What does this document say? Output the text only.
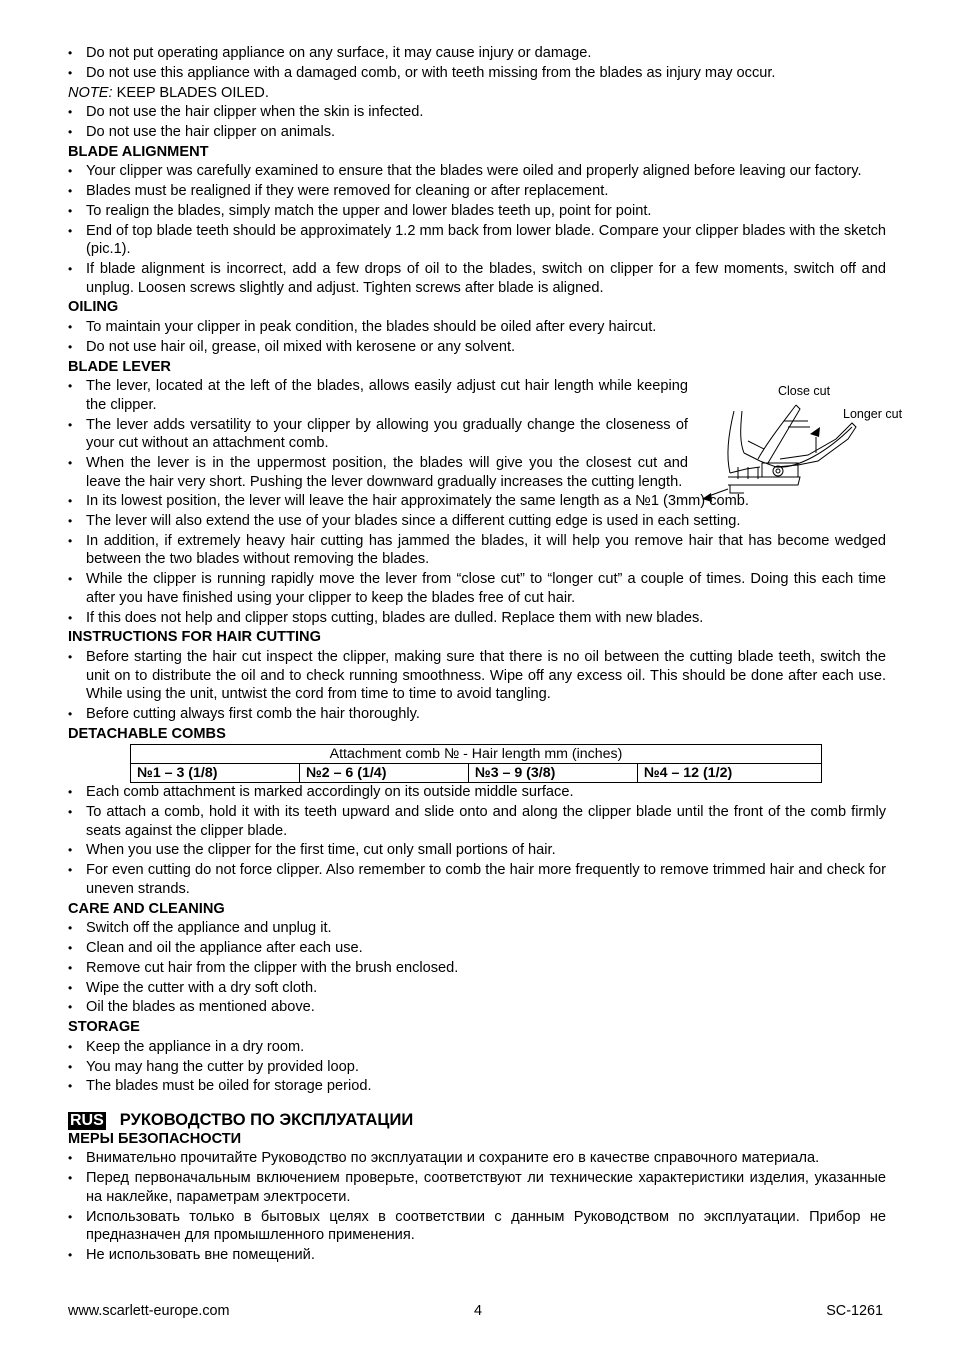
• Do not put operating appliance on any surface, it may cause injury or damage.
• Do not use this appliance with a damaged comb, or with teeth missing from the blades as injury may occur.
NOTE: KEEP BLADES OILED.
• Do not use the hair clipper when the skin is infected.
• Do not use the hair clipper on animals.
BLADE ALIGNMENT
• Your clipper was carefully examined to ensure that the blades were oiled and properly aligned before leaving our factory.
• Blades must be realigned if they were removed for cleaning or after replacement.
• To realign the blades, simply match the upper and lower blades teeth up, point for point.
• End of top blade teeth should be approximately 1.2 mm back from lower blade. Compare your clipper blades with the sketch (pic.1).
• If blade alignment is incorrect, add a few drops of oil to the blades, switch on clipper for a few moments, switch off and unplug. Loosen screws slightly and adjust. Tighten screws after blade is aligned.
OILING
• To maintain your clipper in peak condition, the blades should be oiled after every haircut.
• Do not use hair oil, grease, oil mixed with kerosene or any solvent.
BLADE LEVER
Close cut
Longer cut
• The lever, located at the left of the blades, allows easily adjust cut hair length while keeping the clipper.
• The lever adds versatility to your clipper by allowing you gradually change the closeness of your cut without an attachment comb.
• When the lever is in the uppermost position, the blades will give you the closest cut and leave the hair very short. Pushing the lever downward gradually increases the cutting length.
• In its lowest position, the lever will leave the hair approximately the same length as a №1 (3mm) comb.
• The lever will also extend the use of your blades since a different cutting edge is used in each setting.
• In addition, if extremely heavy hair cutting has jammed the blades, it will help you remove hair that has become wedged between the two blades without removing the blades.
• While the clipper is running rapidly move the lever from “close cut” to “longer cut” a couple of times. Doing this each time after you have finished using your clipper to keep the blades free of cut hair.
• If this does not help and clipper stops cutting, blades are dulled. Replace them with new blades.
INSTRUCTIONS FOR HAIR CUTTING
• Before starting the hair cut inspect the clipper, making sure that there is no oil between the cutting blade teeth, switch the unit on to distribute the oil and to check running smoothness. Wipe off any excess oil. This should be done after each use. While using the unit, untwist the cord from time to time to avoid tangling.
• Before cutting always first comb the hair thoroughly.
DETACHABLE COMBS
Attachment comb № - Hair length mm (inches)
№1 – 3 (1/8)	№2 – 6 (1/4)	№3 – 9 (3/8)	№4 – 12 (1/2)
• Each comb attachment is marked accordingly on its outside middle surface.
• To attach a comb, hold it with its teeth upward and slide onto and along the clipper blade until the front of the comb firmly seats against the clipper blade.
• When you use the clipper for the first time, cut only small portions of hair.
• For even cutting do not force clipper. Also remember to comb the hair more frequently to remove trimmed hair and check for uneven strands.
CARE AND CLEANING
• Switch off the appliance and unplug it.
• Clean and oil the appliance after each use.
• Remove cut hair from the clipper with the brush enclosed.
• Wipe the cutter with a dry soft cloth.
• Oil the blades as mentioned above.
STORAGE
• Keep the appliance in a dry room.
• You may hang the cutter by provided loop.
• The blades must be oiled for storage period.
RUS РУКОВОДСТВО ПО ЭКСПЛУАТАЦИИ
МЕРЫ БЕЗОПАСНОСТИ
• Внимательно прочитайте Руководство по эксплуатации и сохраните его в качестве справочного материала.
• Перед первоначальным включением проверьте, соответствуют ли технические характеристики изделия, указанные на наклейке, параметрам электросети.
• Использовать только в бытовых целях в соответствии с данным Руководством по эксплуатации. Прибор не предназначен для промышленного применения.
• Не использовать вне помещений.
www.scarlett-europe.com	4	SC-1261
